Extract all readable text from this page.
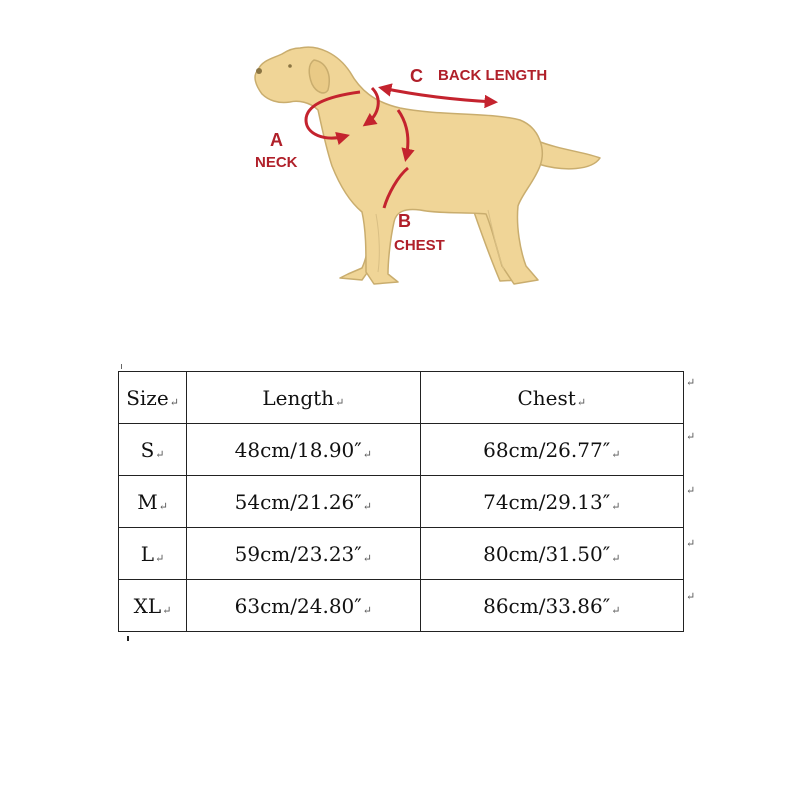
A
NECK
C BACK LENGTH
B
CHEST
Size↵	Length↵	Chest↵
S↵	48cm/18.90″↵	68cm/26.77″↵
M↵	54cm/21.26″↵	74cm/29.13″↵
L↵	59cm/23.23″↵	80cm/31.50″↵
XL↵	63cm/24.80″↵	86cm/33.86″↵
↵
↵
↵
↵
↵
